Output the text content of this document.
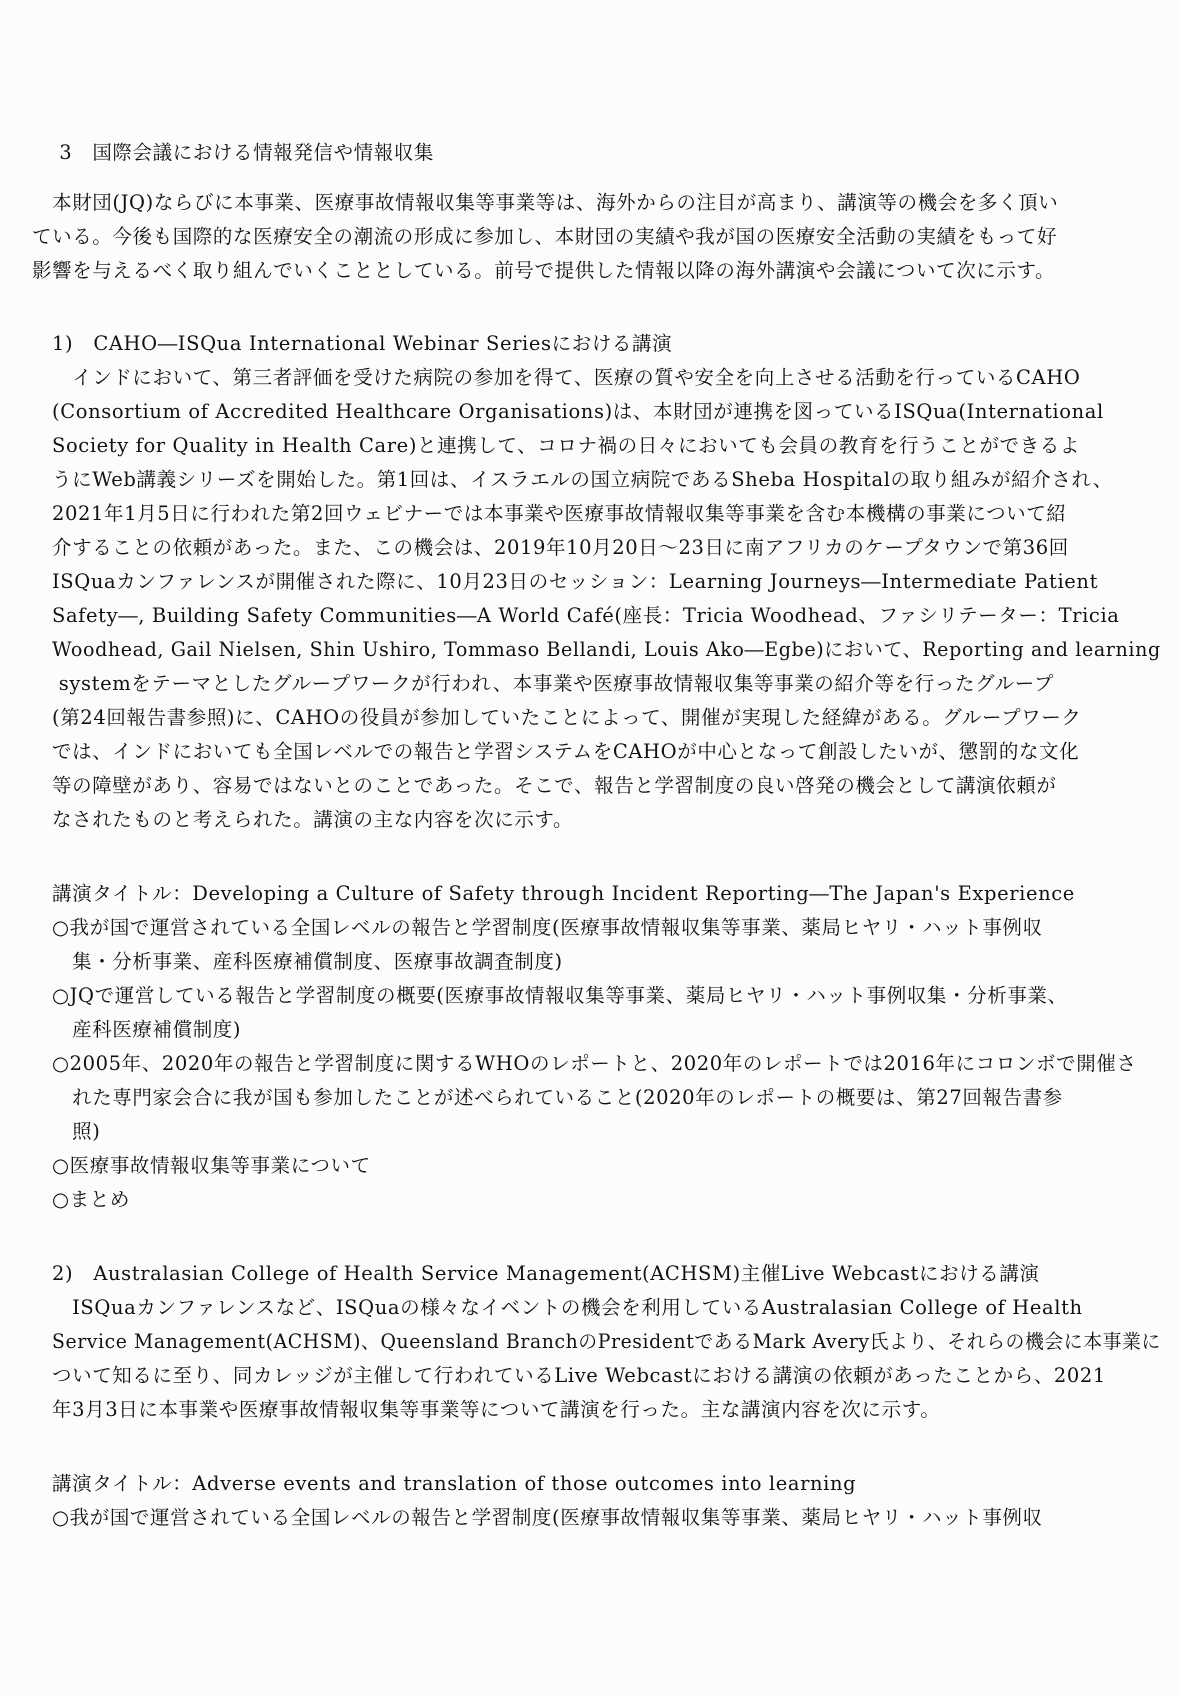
3　 国際会議における情報発信や情報収集

　本財団(JQ)ならびに本事業、医療事故情報収集等事業等は、海外からの注目が高まり、講演等の機会を多く頂い
ている。今後も国際的な医療安全の潮流の形成に参加し、本財団の実績や我が国の医療安全活動の実績をもって好
影響を与えるべく取り組んでいくこととしている。前号で提供した情報以降の海外講演や会議について次に示す。
1)　CAHO―ISQua International Webinar Seriesにおける講演
　インドにおいて、第三者評価を受けた病院の参加を得て、医療の質や安全を向上させる活動を行っているCAHO
(Consortium of Accredited Healthcare Organisations)は、本財団が連携を図っているISQua(International
Society for Quality in Health Care)と連携して、コロナ禍の日々においても会員の教育を行うことができるよ
うにWeb講義シリーズを開始した。第1回は、イスラエルの国立病院であるSheba Hospitalの取り組みが紹介され、
2021年1月5日に行われた第2回ウェビナーでは本事業や医療事故情報収集等事業を含む本機構の事業について紹
介することの依頼があった。また、この機会は、2019年10月20日～23日に南アフリカのケープタウンで第36回
ISQuaカンファレンスが開催された際に、10月23日のセッション：Learning Journeys―Intermediate Patient
Safety―, Building Safety Communities―A World Café(座長：Tricia Woodhead、ファシリテーター：Tricia
Woodhead, Gail Nielsen, Shin Ushiro, Tommaso Bellandi, Louis Ako―Egbe)において、Reporting and learning
systemをテーマとしたグループワークが行われ、本事業や医療事故情報収集等事業の紹介等を行ったグループ
(第24回報告書参照)に、CAHOの役員が参加していたことによって、開催が実現した経緯がある。グループワーク
では、インドにおいても全国レベルでの報告と学習システムをCAHOが中心となって創設したいが、懲罰的な文化
等の障壁があり、容易ではないとのことであった。そこで、報告と学習制度の良い啓発の機会として講演依頼が
なされたものと考えられた。講演の主な内容を次に示す。
講演タイトル：Developing a Culture of Safety through Incident Reporting―The Japan's Experience
○我が国で運営されている全国レベルの報告と学習制度(医療事故情報収集等事業、薬局ヒヤリ・ハット事例収
　集・分析事業、産科医療補償制度、医療事故調査制度)
○JQで運営している報告と学習制度の概要(医療事故情報収集等事業、薬局ヒヤリ・ハット事例収集・分析事業、
　産科医療補償制度)
○2005年、2020年の報告と学習制度に関するWHOのレポートと、2020年のレポートでは2016年にコロンボで開催さ
　れた専門家会合に我が国も参加したことが述べられていること(2020年のレポートの概要は、第27回報告書参
　照)
○医療事故情報収集等事業について
○まとめ
2)　Australasian College of Health Service Management(ACHSM)主催Live Webcastにおける講演
　ISQuaカンファレンスなど、ISQuaの様々なイベントの機会を利用しているAustralasian College of Health
Service Management(ACHSM)、Queensland BranchのPresidentであるMark Avery氏より、それらの機会に本事業に
ついて知るに至り、同カレッジが主催して行われているLive Webcastにおける講演の依頼があったことから、2021
年3月3日に本事業や医療事故情報収集等事業等について講演を行った。主な講演内容を次に示す。
講演タイトル：Adverse events and translation of those outcomes into learning
○我が国で運営されている全国レベルの報告と学習制度(医療事故情報収集等事業、薬局ヒヤリ・ハット事例収
